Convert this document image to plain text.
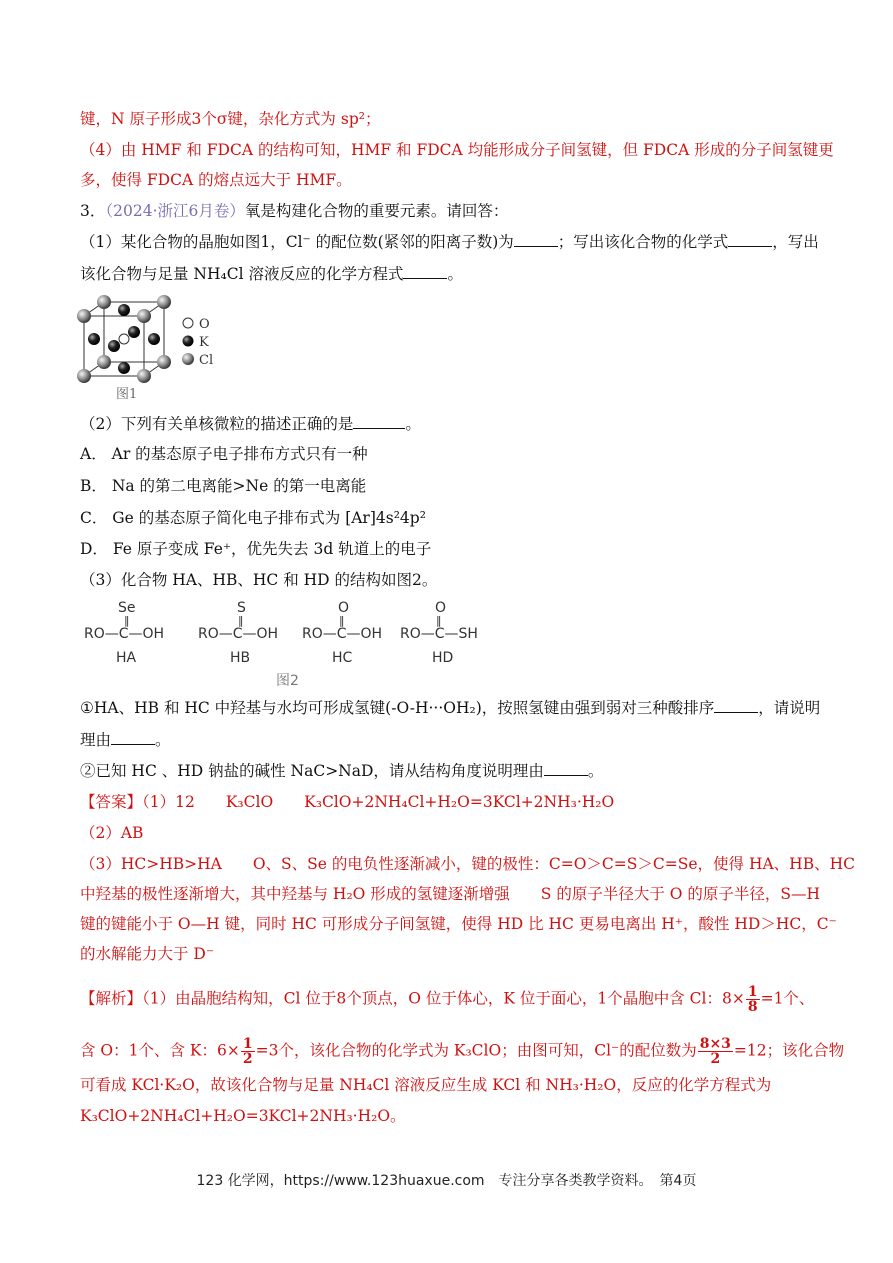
键，N 原子形成3个σ键，杂化方式为 sp²；
（4）由 HMF 和 FDCA 的结构可知，HMF 和 FDCA 均能形成分子间氢键，但 FDCA 形成的分子间氢键更
多，使得 FDCA 的熔点远大于 HMF。
3．（2024·浙江6月卷）氧是构建化合物的重要元素。请回答：
（1）某化合物的晶胞如图1，Cl⁻ 的配位数(紧邻的阳离子数)为	；写出该化合物的化学式	，写出
该化合物与足量 NH₄Cl 溶液反应的化学方程式	。
O
K
Cl
图1
（2）下列有关单核微粒的描述正确的是	。
A． Ar 的基态原子电子排布方式只有一种
B． Na 的第二电离能>Ne 的第一电离能
C． Ge 的基态原子简化电子排布式为 [Ar]4s²4p²
D． Fe 原子变成 Fe⁺，优先失去 3d 轨道上的电子
（3）化合物 HA、HB、HC 和 HD 的结构如图2。
Se
‖
RO—C—OH
HA
S
‖
RO—C—OH
HB
O
‖
RO—C—OH
HC
O
‖
RO—C—SH
HD
图2
①HA、HB 和 HC 中羟基与水均可形成氢键(-O-H···OH₂)，按照氢键由强到弱对三种酸排序	，请说明
理由	。
②已知 HC 、HD 钠盐的碱性 NaC>NaD，请从结构角度说明理由	。
【答案】（1）12　　K₃ClO　　K₃ClO+2NH₄Cl+H₂O=3KCl+2NH₃·H₂O
（2）AB
（3）HC>HB>HA　　O、S、Se 的电负性逐渐减小，键的极性：C=O＞C=S＞C=Se，使得 HA、HB、HC
中羟基的极性逐渐增大，其中羟基与 H₂O 形成的氢键逐渐增强　　S 的原子半径大于 O 的原子半径，S—H
键的键能小于 O—H 键，同时 HC 可形成分子间氢键，使得 HD 比 HC 更易电离出 H⁺，酸性 HD＞HC，C⁻
的水解能力大于 D⁻
【解析】（1）由晶胞结构知，Cl 位于8个顶点，O 位于体心，K 位于面心，1个晶胞中含 Cl：$8\times \frac{1}{8} =1$个、
含 O：1个、含 K：$6\times \frac{1}{2} =3$个，该化合物的化学式为 K₃ClO；由图可知，Cl⁻的配位数为 $\frac{8\times 3}{2} =12$；该化合物
可看成 KCl·K₂O，故该化合物与足量 NH₄Cl 溶液反应生成 KCl 和 NH₃·H₂O，反应的化学方程式为
K₃ClO+2NH₄Cl+H₂O=3KCl+2NH₃·H₂O。
123 化学网，https://www.123huaxue.com　专注分享各类教学资料。　第4页
